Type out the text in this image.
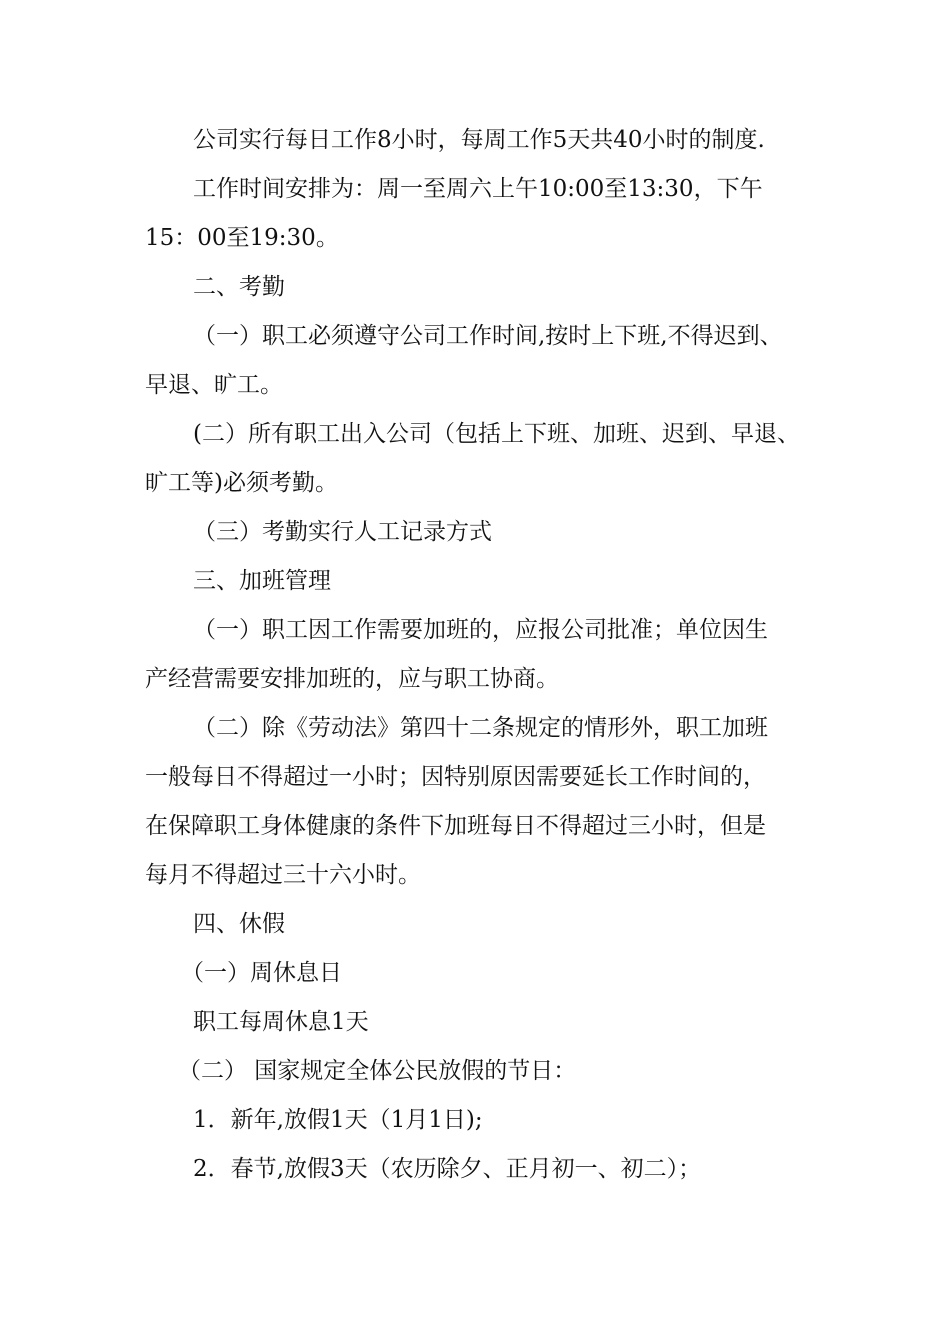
公司实行每日工作8小时，每周工作5天共40小时的制度.
工作时间安排为：周一至周六上午10:00至13:30，下午
15：00至19:30。
二、考勤
（一）职工必须遵守公司工作时间,按时上下班,不得迟到、
早退、旷工。
(二）所有职工出入公司（包括上下班、加班、迟到、早退、
旷工等)必须考勤。
（三）考勤实行人工记录方式
三、加班管理
（一）职工因工作需要加班的，应报公司批准；单位因生
产经营需要安排加班的，应与职工协商。
（二）除《劳动法》第四十二条规定的情形外，职工加班
一般每日不得超过一小时；因特别原因需要延长工作时间的，
在保障职工身体健康的条件下加班每日不得超过三小时，但是
每月不得超过三十六小时。
四、休假
（一）周休息日
职工每周休息1天
（二） 国家规定全体公民放假的节日：
1．新年,放假1天（1月1日);
2．春节,放假3天（农历除夕、正月初一、初二）；
